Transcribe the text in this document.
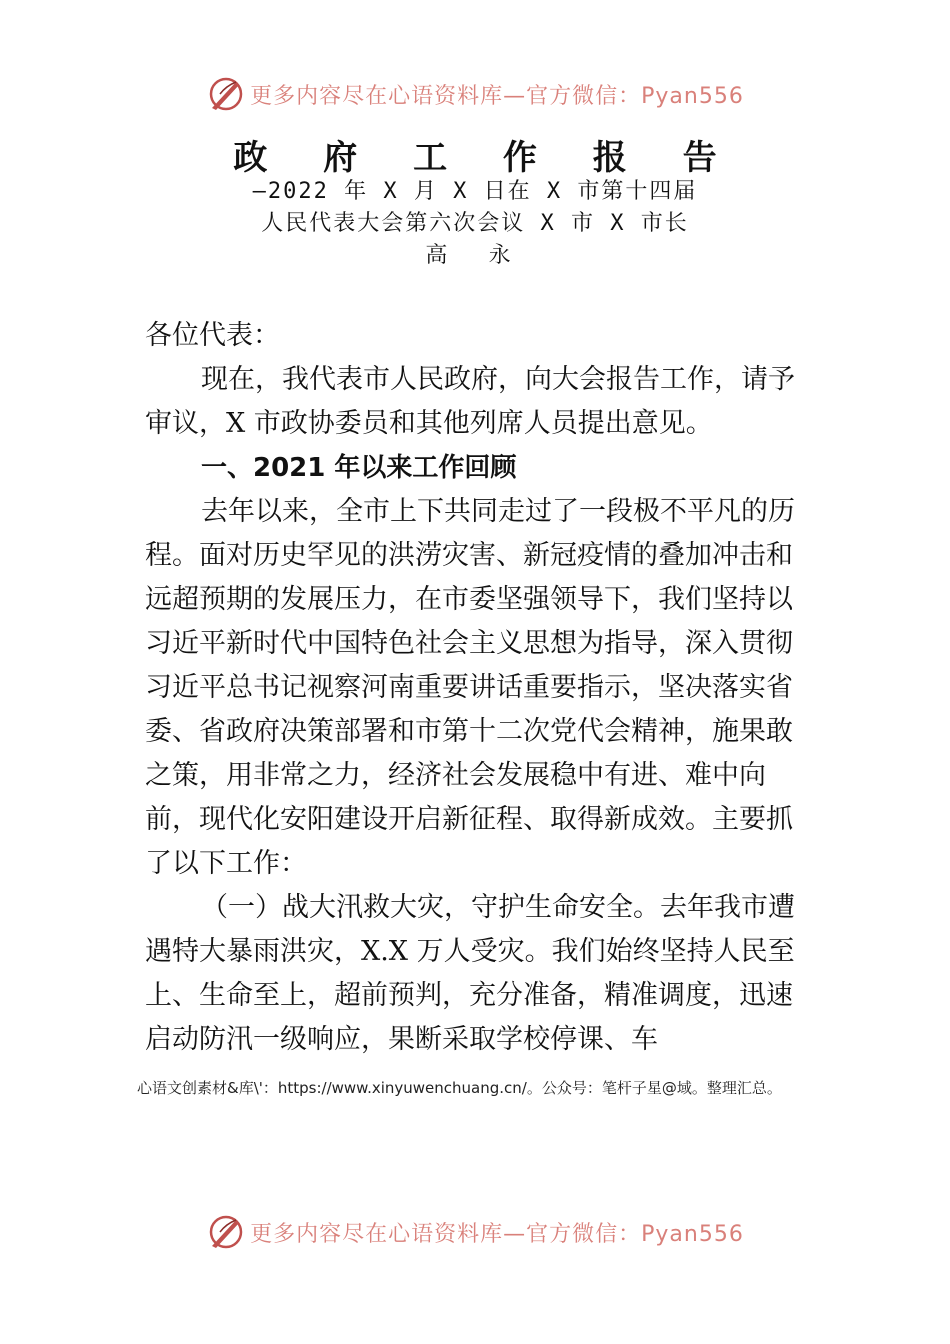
更多内容尽在心语资料库—官方微信：Pyan556
政 府 工 作 报 告
—2022 年 X 月 X 日在 X 市第十四届
人民代表大会第六次会议 X 市 X 市长
高 永

各位代表：

现在，我代表市人民政府，向大会报告工作，请予审议，X 市政协委员和其他列席人员提出意见。

一、2021 年以来工作回顾

去年以来，全市上下共同走过了一段极不平凡的历程。面对历史罕见的洪涝灾害、新冠疫情的叠加冲击和远超预期的发展压力，在市委坚强领导下，我们坚持以习近平新时代中国特色社会主义思想为指导，深入贯彻习近平总书记视察河南重要讲话重要指示，坚决落实省委、省政府决策部署和市第十二次党代会精神，施果敢之策，用非常之力，经济社会发展稳中有进、难中向前，现代化安阳建设开启新征程、取得新成效。主要抓了以下工作：

（一）战大汛救大灾，守护生命安全。去年我市遭遇特大暴雨洪灾，X.X 万人受灾。我们始终坚持人民至上、生命至上，超前预判，充分准备，精准调度，迅速启动防汛一级响应，果断采取学校停课、车

心语文创素材&库\'：https://www.xinyuwenchuang.cn/。公众号：笔杆子星@域。整理汇总。
更多内容尽在心语资料库—官方微信：Pyan556
